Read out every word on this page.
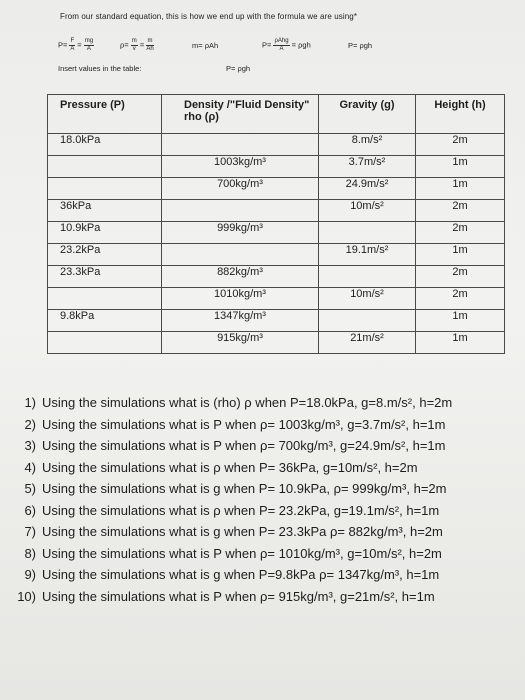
From our standard equation, this is how we end up with the formula we are using*
$P= \frac{F}{A} = \frac{mg}{A}$	$\rho= \frac{m}{v} = \frac{m}{Ah}$	m= ρAh	$P= \frac{\text{ρAhg}}{A} = \rho gh$	P= ρgh
Insert values in the table:	P= ρgh
Pressure (P)	Density /"Fluid Density" rho (ρ)	Gravity (g)	Height (h)
18.0kPa		8.m/s²	2m
	1003kg/m³	3.7m/s²	1m
	700kg/m³	24.9m/s²	1m
36kPa		10m/s²	2m
10.9kPa	999kg/m³		2m
23.2kPa		19.1m/s²	1m
23.3kPa	882kg/m³		2m
	1010kg/m³	10m/s²	2m
9.8kPa	1347kg/m³		1m
	915kg/m³	21m/s²	1m
1) Using the simulations what is (rho) ρ when P=18.0kPa, g=8.m/s², h=2m
2) Using the simulations what is P when ρ= 1003kg/m³, g=3.7m/s², h=1m
3) Using the simulations what is P when ρ= 700kg/m³, g=24.9m/s², h=1m
4) Using the simulations what is ρ when P= 36kPa, g=10m/s², h=2m
5) Using the simulations what is g when P= 10.9kPa, ρ= 999kg/m³, h=2m
6) Using the simulations what is ρ when P= 23.2kPa, g=19.1m/s², h=1m
7) Using the simulations what is g when P= 23.3kPa ρ= 882kg/m³, h=2m
8) Using the simulations what is P when ρ= 1010kg/m³, g=10m/s², h=2m
9) Using the simulations what is g when P=9.8kPa ρ= 1347kg/m³, h=1m
10) Using the simulations what is P when ρ= 915kg/m³, g=21m/s², h=1m
